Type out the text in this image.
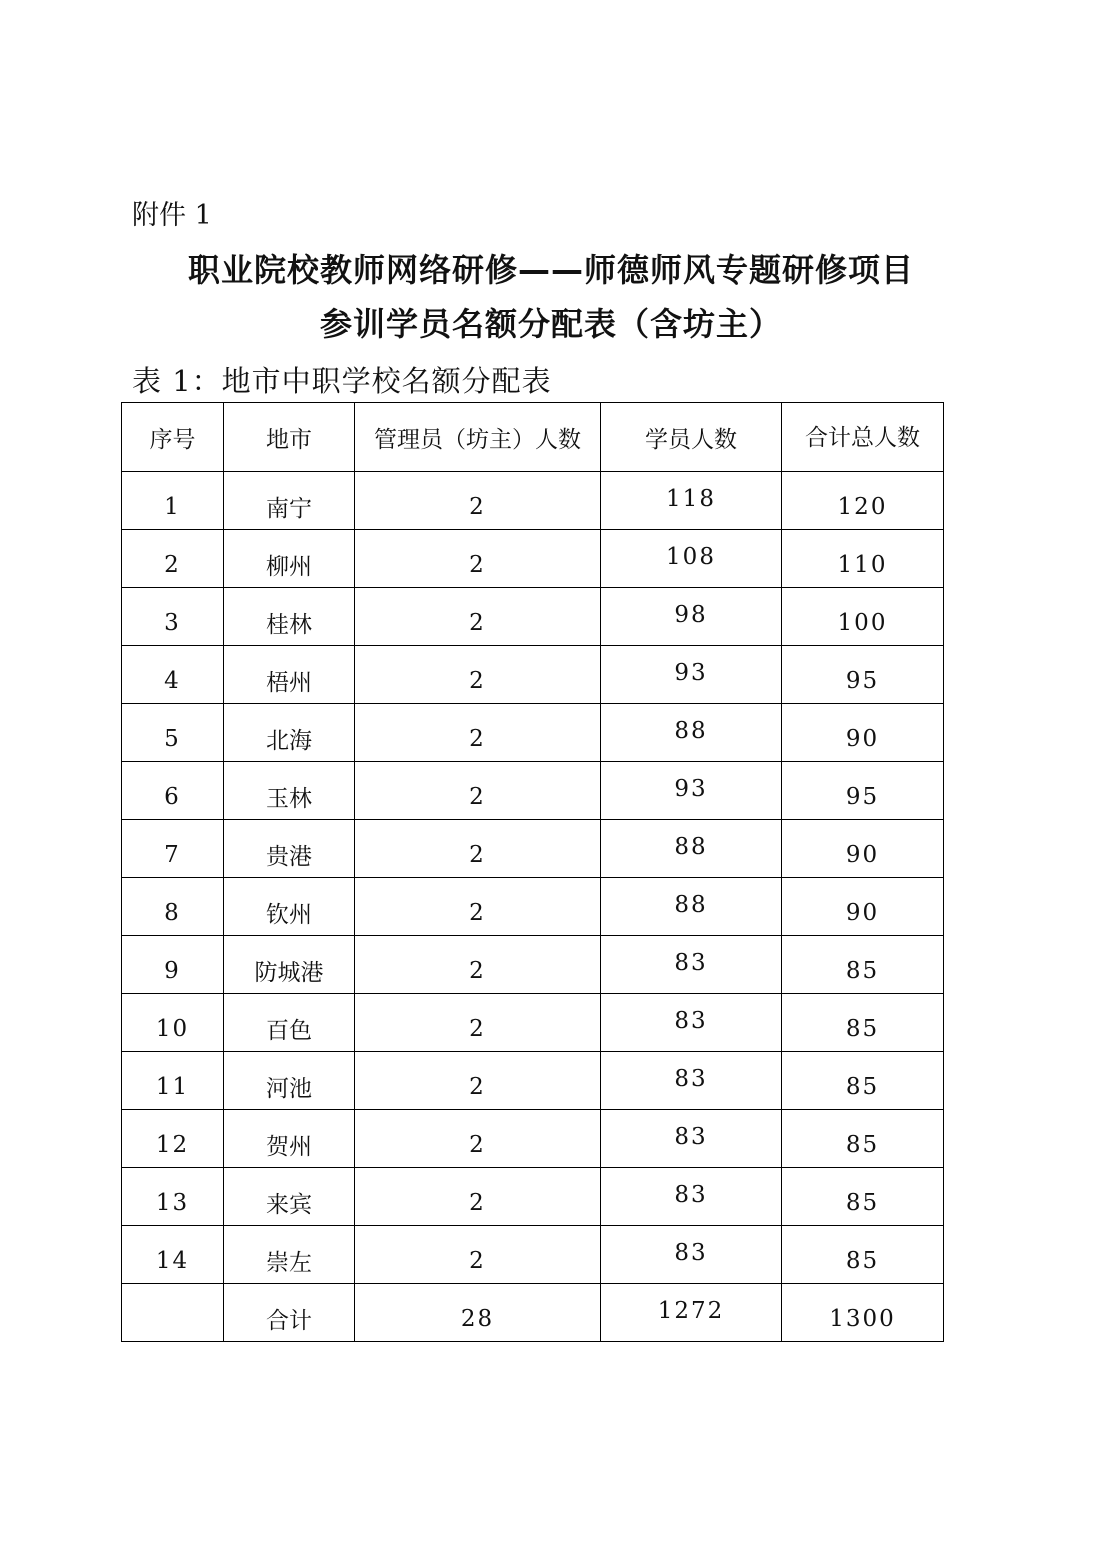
附件 1
职业院校教师网络研修——师德师风专题研修项目
参训学员名额分配表（含坊主）
表 1：地市中职学校名额分配表
序号	地市	管理员（坊主）人数	学员人数	合计总人数
1	南宁	2	118	120
2	柳州	2	108	110
3	桂林	2	98	100
4	梧州	2	93	95
5	北海	2	88	90
6	玉林	2	93	95
7	贵港	2	88	90
8	钦州	2	88	90
9	防城港	2	83	85
10	百色	2	83	85
11	河池	2	83	85
12	贺州	2	83	85
13	来宾	2	83	85
14	崇左	2	83	85
	合计	28	1272	1300
